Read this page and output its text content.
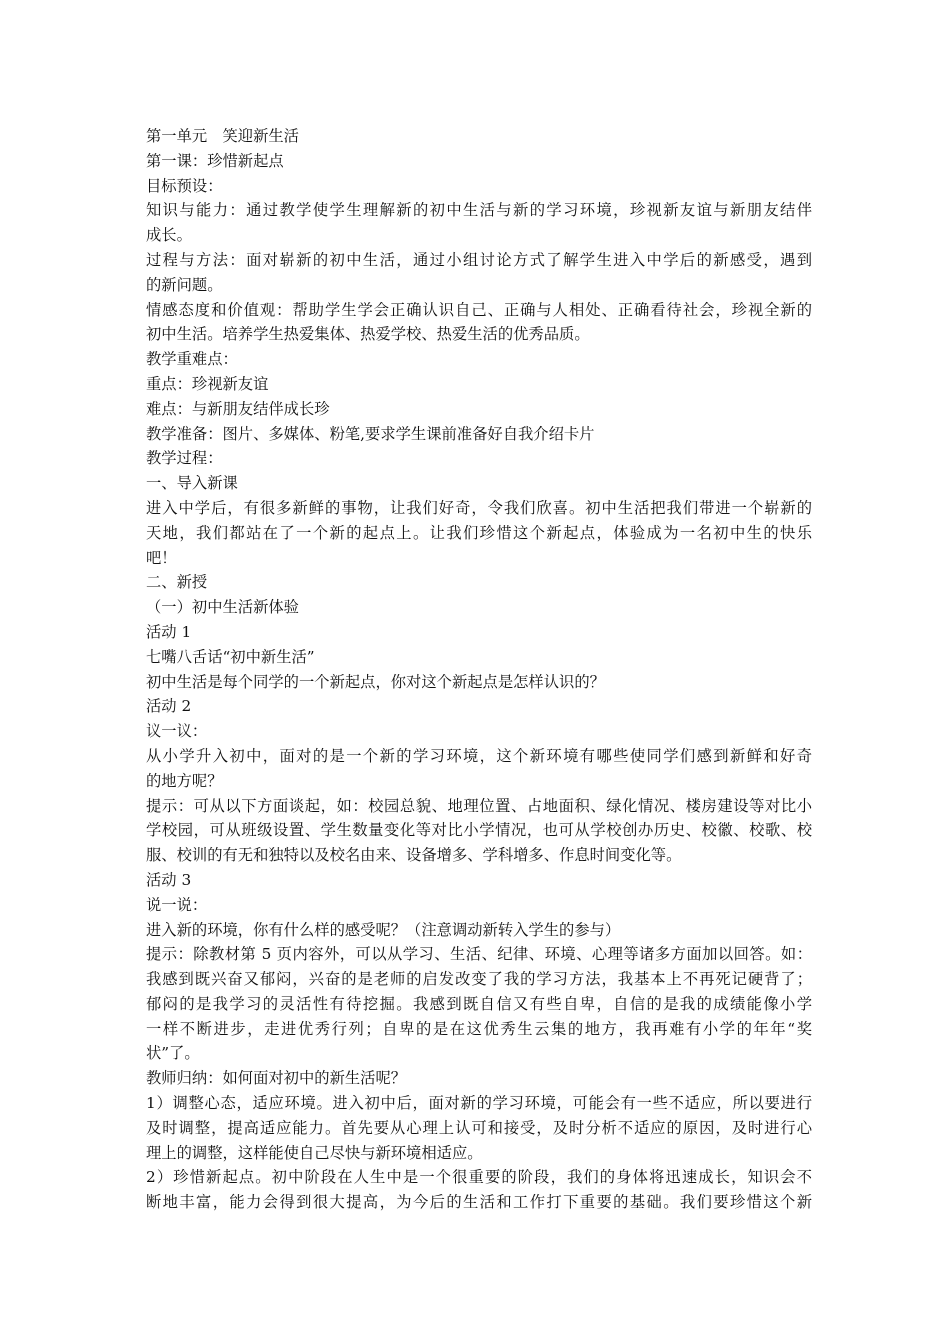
第一单元　笑迎新生活
第一课：珍惜新起点
目标预设：
知识与能力：通过教学使学生理解新的初中生活与新的学习环境，珍视新友谊与新朋友结伴
成长。
过程与方法：面对崭新的初中生活，通过小组讨论方式了解学生进入中学后的新感受，遇到
的新问题。
情感态度和价值观：帮助学生学会正确认识自己、正确与人相处、正确看待社会，珍视全新的
初中生活。培养学生热爱集体、热爱学校、热爱生活的优秀品质。
教学重难点：
重点：珍视新友谊
难点：与新朋友结伴成长珍
教学准备：图片、多媒体、粉笔,要求学生课前准备好自我介绍卡片
教学过程：
一、导入新课
进入中学后，有很多新鲜的事物，让我们好奇，令我们欣喜。初中生活把我们带进一个崭新的
天地，我们都站在了一个新的起点上。让我们珍惜这个新起点，体验成为一名初中生的快乐
吧！
二、新授
（一）初中生活新体验
活动 1
七嘴八舌话“初中新生活”
初中生活是每个同学的一个新起点，你对这个新起点是怎样认识的？
活动 2
议一议：
从小学升入初中，面对的是一个新的学习环境，这个新环境有哪些使同学们感到新鲜和好奇
的地方呢？
提示：可从以下方面谈起，如：校园总貌、地理位置、占地面积、绿化情况、楼房建设等对比小
学校园，可从班级设置、学生数量变化等对比小学情况，也可从学校创办历史、校徽、校歌、校
服、校训的有无和独特以及校名由来、设备增多、学科增多、作息时间变化等。
活动 3
说一说：
进入新的环境，你有什么样的感受呢？（注意调动新转入学生的参与）
提示：除教材第 5 页内容外，可以从学习、生活、纪律、环境、心理等诸多方面加以回答。如：
我感到既兴奋又郁闷，兴奋的是老师的启发改变了我的学习方法，我基本上不再死记硬背了；
郁闷的是我学习的灵活性有待挖掘。我感到既自信又有些自卑，自信的是我的成绩能像小学
一样不断进步，走进优秀行列；自卑的是在这优秀生云集的地方，我再难有小学的年年“奖
状”了。
教师归纳：如何面对初中的新生活呢？
1）调整心态，适应环境。进入初中后，面对新的学习环境，可能会有一些不适应，所以要进行
及时调整，提高适应能力。首先要从心理上认可和接受，及时分析不适应的原因，及时进行心
理上的调整，这样能使自己尽快与新环境相适应。
2）珍惜新起点。初中阶段在人生中是一个很重要的阶段，我们的身体将迅速成长，知识会不
断地丰富，能力会得到很大提高，为今后的生活和工作打下重要的基础。我们要珍惜这个新
